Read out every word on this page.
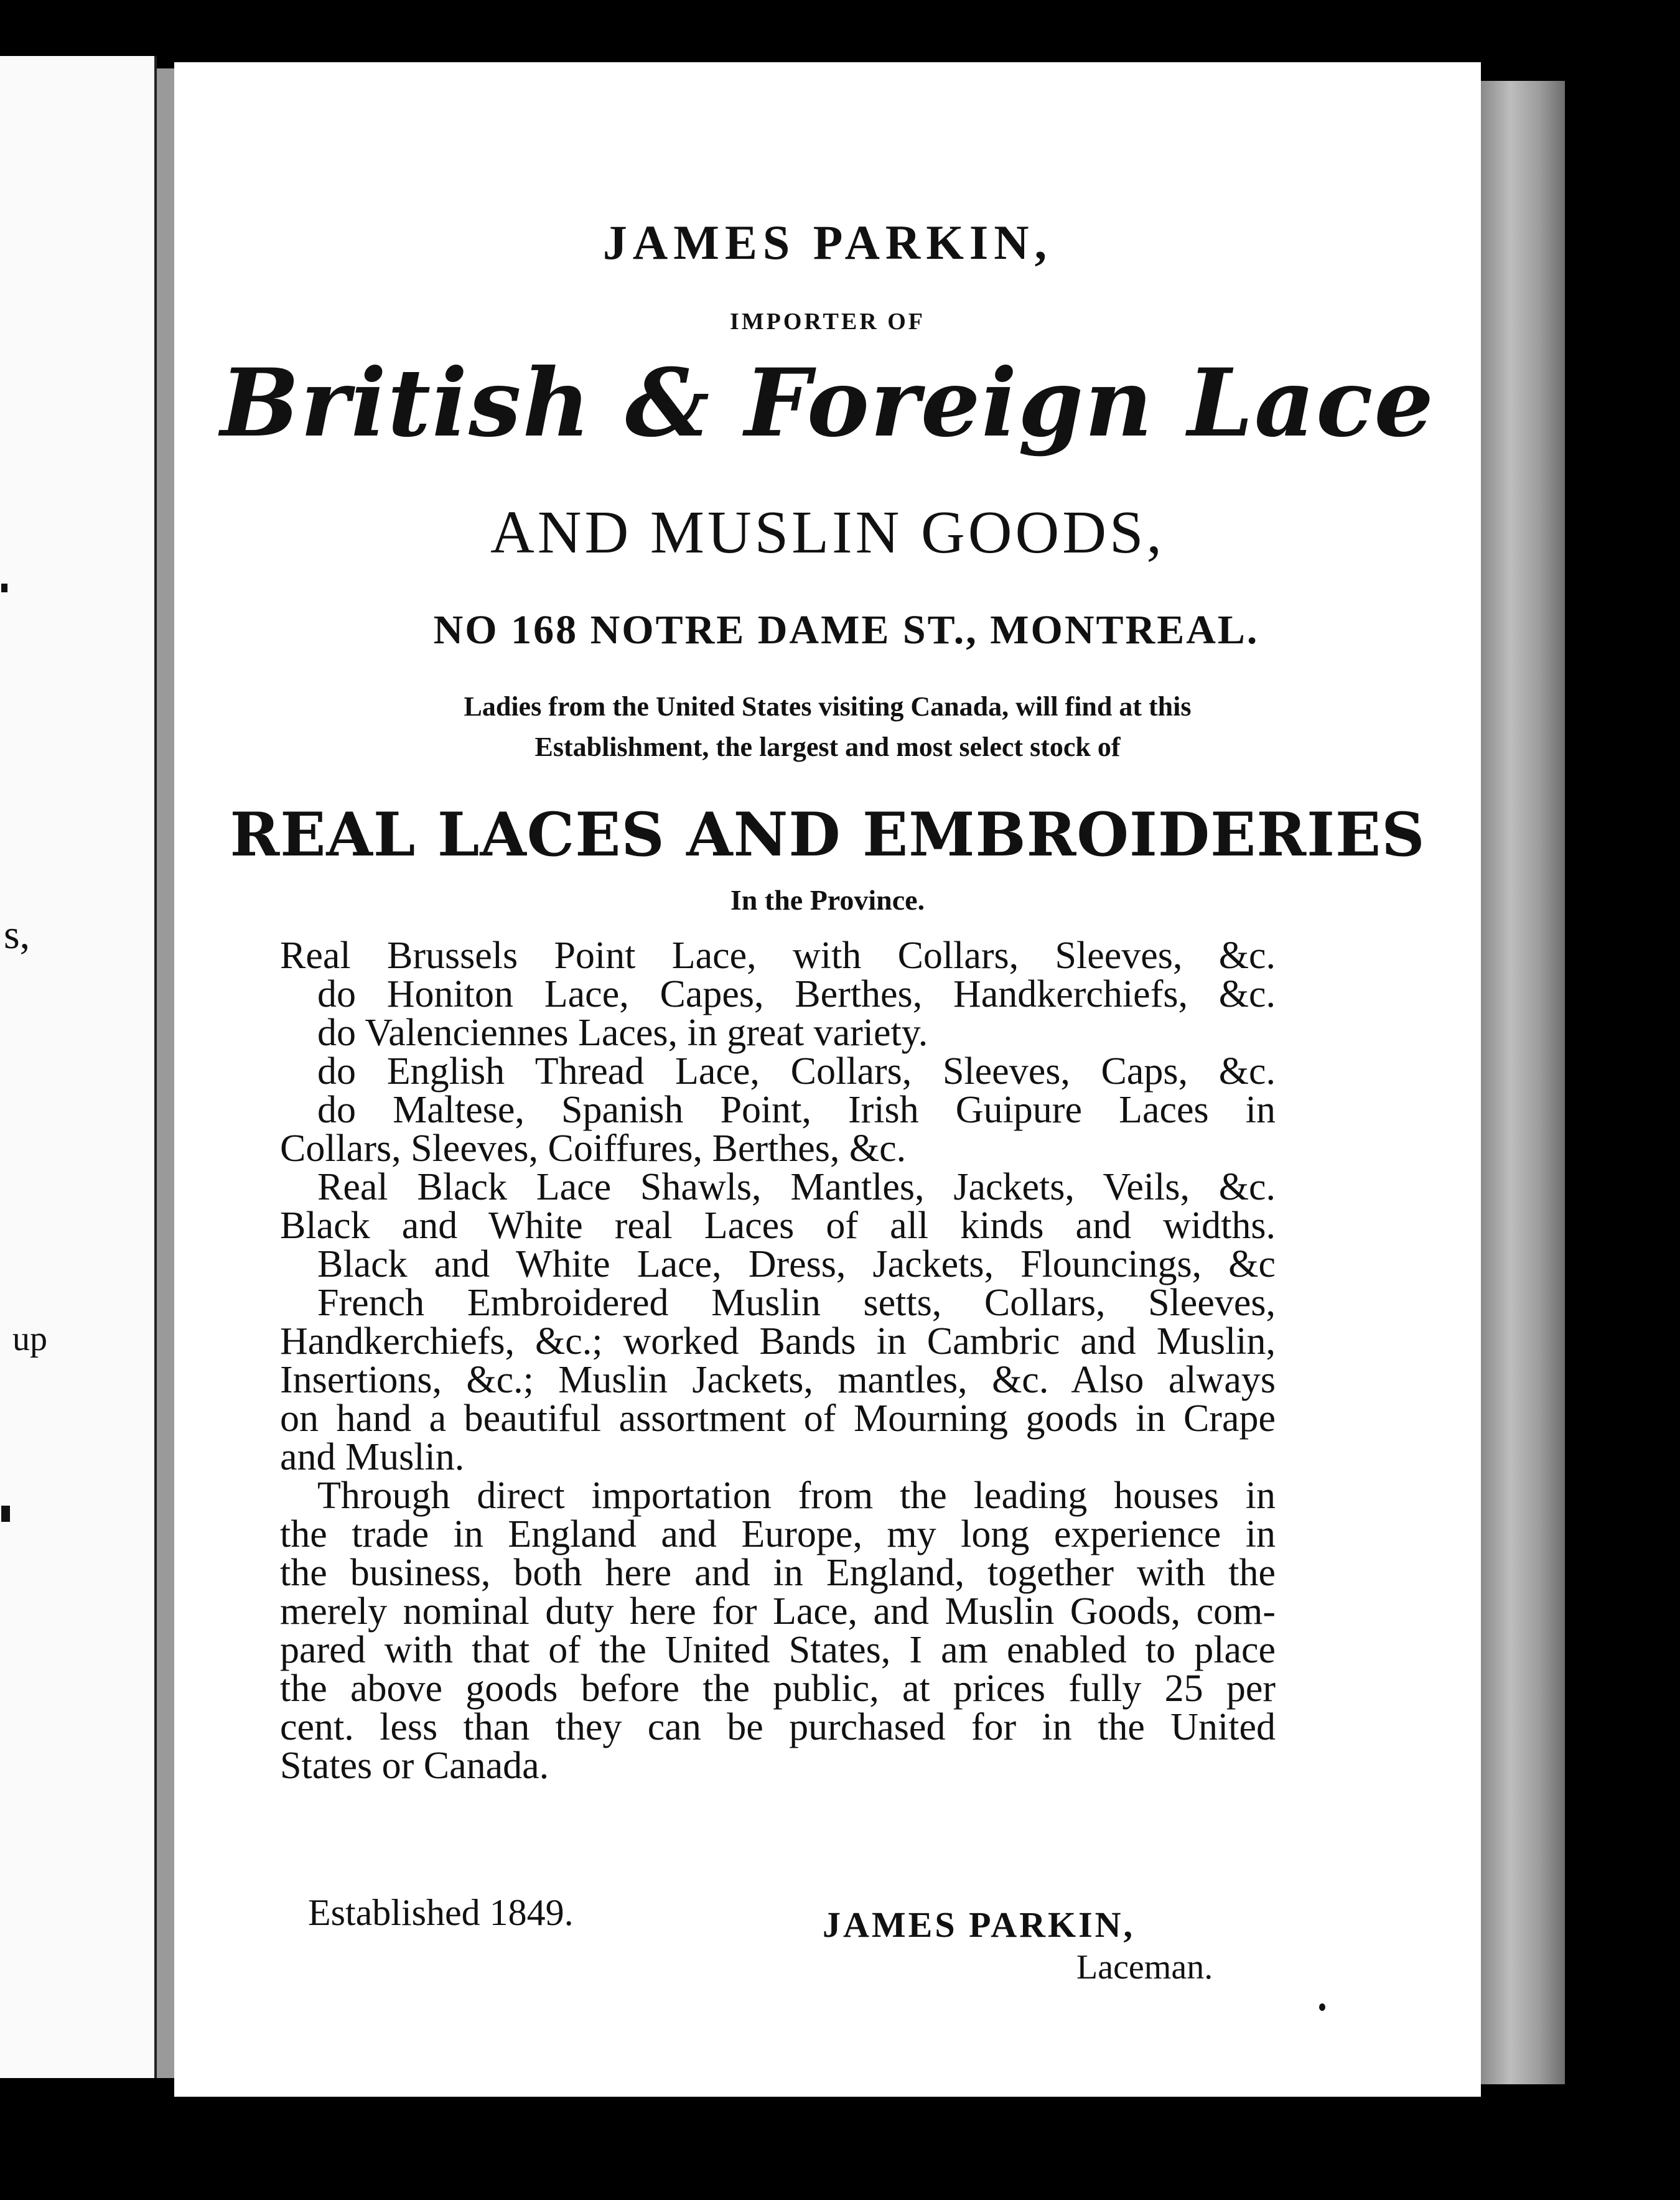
s,
up
JAMES PARKIN,
IMPORTER OF
British & Foreign Lace
AND MUSLIN GOODS,
NO 168 NOTRE DAME ST., MONTREAL.
Ladies from the United States visiting Canada, will find at this
Establishment, the largest and most select stock of
REAL LACES AND EMBROIDERIES
In the Province.

Real Brussels Point Lace, with Collars, Sleeves, &c.

do Honiton Lace, Capes, Berthes, Handkerchiefs, &c.

do Valenciennes Laces, in great variety.

do English Thread Lace, Collars, Sleeves, Caps, &c.

do Maltese, Spanish Point, Irish Guipure Laces in

Collars, Sleeves, Coiffures, Berthes, &c.

Real Black Lace Shawls, Mantles, Jackets, Veils, &c.

Black and White real Laces of all kinds and widths.

Black and White Lace, Dress, Jackets, Flouncings, &c

French Embroidered Muslin setts, Collars, Sleeves,

Handkerchiefs, &c.; worked Bands in Cambric and Muslin,

Insertions, &c.; Muslin Jackets, mantles, &c. Also always

on hand a beautiful assortment of Mourning goods in Crape

and Muslin.

Through direct importation from the leading houses in

the trade in England and Europe, my long experience in

the business, both here and in England, together with the

merely nominal duty here for Lace, and Muslin Goods, com-

pared with that of the United States, I am enabled to place

the above goods before the public, at prices fully 25 per

cent. less than they can be purchased for in the United

States or Canada.

Established 1849.	JAMES PARKIN,
Laceman.
